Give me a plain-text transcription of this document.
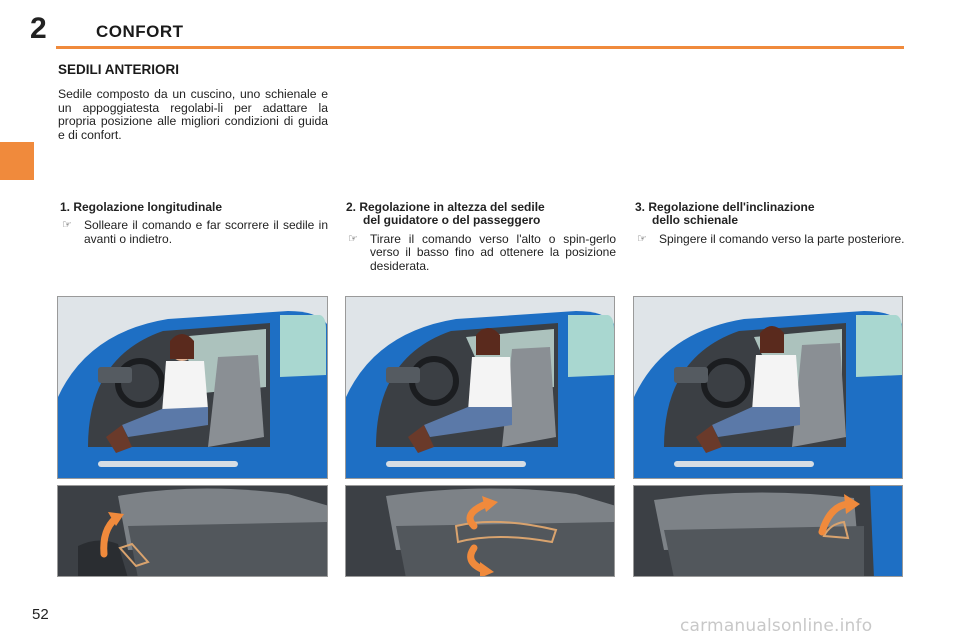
2	CONFORT
SEDILI ANTERIORI

Sedile composto da un cuscino, uno schienale e un appoggiatesta regolabi-li per adattare la propria posizione alle migliori condizioni di guida e di confort.

1. Regolazione longitudinale
☞	Solleare il comando e far scorrere il sedile in avanti o indietro.
2. Regolazione in altezza del sedile
del guidatore o del passeggero
☞	Tirare il comando verso l'alto o spin-gerlo verso il basso fino ad ottenere la posizione desiderata.
3. Regolazione dell'inclinazione
dello schienale
☞	Spingere il comando verso la parte posteriore.
52
carmanualsonline.info
